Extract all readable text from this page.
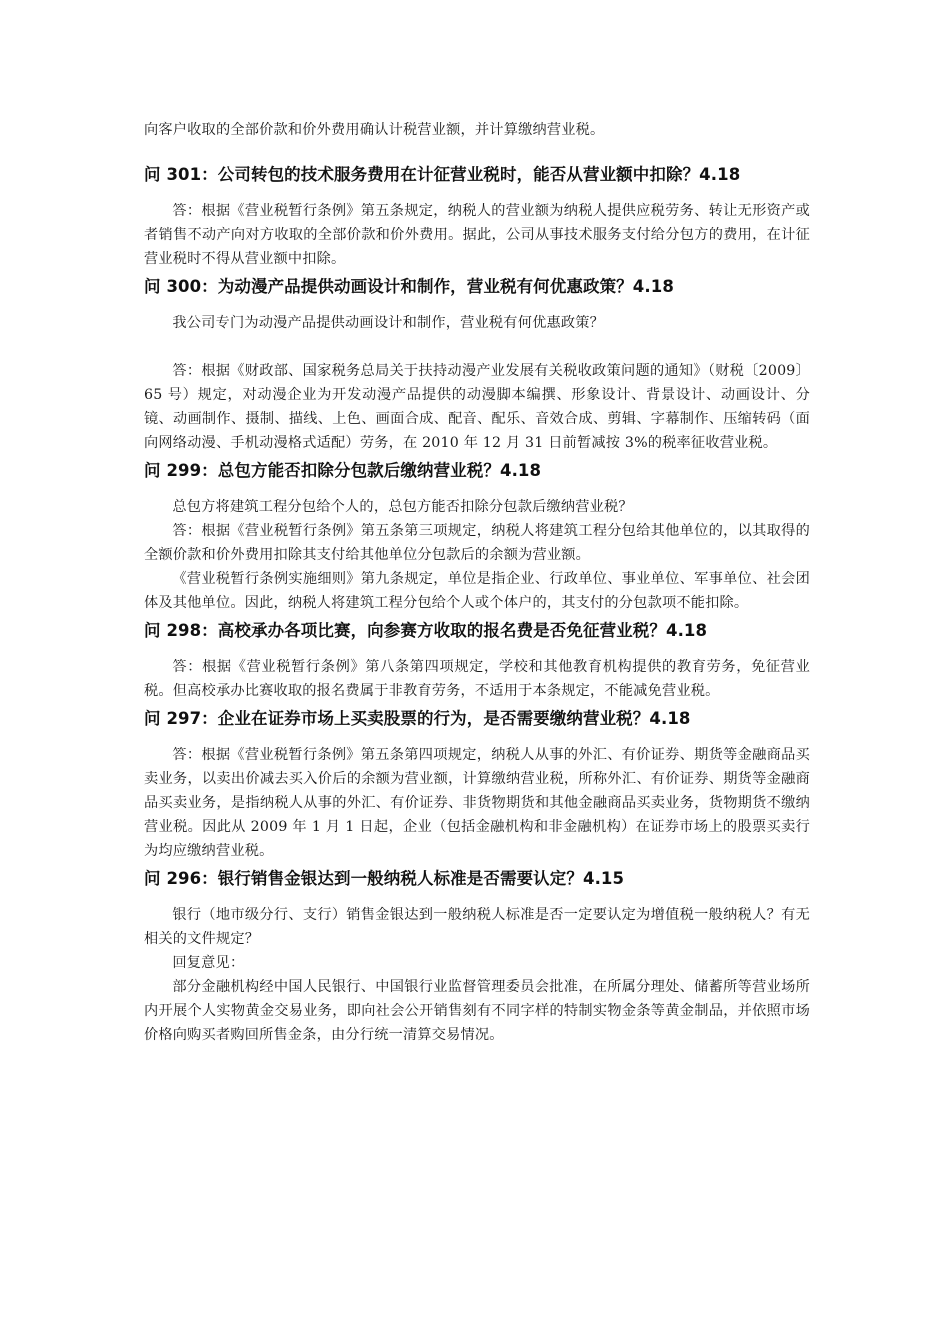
向客户收取的全部价款和价外费用确认计税营业额，并计算缴纳营业税。

问 301：公司转包的技术服务费用在计征营业税时，能否从营业额中扣除？4.18

答：根据《营业税暂行条例》第五条规定，纳税人的营业额为纳税人提供应税劳务、转让无形资产或者销售不动产向对方收取的全部价款和价外费用。据此，公司从事技术服务支付给分包方的费用，在计征营业税时不得从营业额中扣除。

问 300：为动漫产品提供动画设计和制作，营业税有何优惠政策？4.18

我公司专门为动漫产品提供动画设计和制作，营业税有何优惠政策？

答：根据《财政部、国家税务总局关于扶持动漫产业发展有关税收政策问题的通知》（财税〔2009〕65 号）规定，对动漫企业为开发动漫产品提供的动漫脚本编撰、形象设计、背景设计、动画设计、分镜、动画制作、摄制、描线、上色、画面合成、配音、配乐、音效合成、剪辑、字幕制作、压缩转码（面向网络动漫、手机动漫格式适配）劳务，在 2010 年 12 月 31 日前暂减按 3%的税率征收营业税。

问 299：总包方能否扣除分包款后缴纳营业税？4.18

总包方将建筑工程分包给个人的，总包方能否扣除分包款后缴纳营业税？

答：根据《营业税暂行条例》第五条第三项规定，纳税人将建筑工程分包给其他单位的，以其取得的全额价款和价外费用扣除其支付给其他单位分包款后的余额为营业额。

《营业税暂行条例实施细则》第九条规定，单位是指企业、行政单位、事业单位、军事单位、社会团体及其他单位。因此，纳税人将建筑工程分包给个人或个体户的，其支付的分包款项不能扣除。

问 298：高校承办各项比赛，向参赛方收取的报名费是否免征营业税？4.18

答：根据《营业税暂行条例》第八条第四项规定，学校和其他教育机构提供的教育劳务，免征营业税。但高校承办比赛收取的报名费属于非教育劳务，不适用于本条规定，不能减免营业税。

问 297：企业在证券市场上买卖股票的行为，是否需要缴纳营业税？4.18

答：根据《营业税暂行条例》第五条第四项规定，纳税人从事的外汇、有价证券、期货等金融商品买卖业务，以卖出价减去买入价后的余额为营业额，计算缴纳营业税，所称外汇、有价证券、期货等金融商品买卖业务，是指纳税人从事的外汇、有价证券、非货物期货和其他金融商品买卖业务，货物期货不缴纳营业税。因此从 2009 年 1 月 1 日起，企业（包括金融机构和非金融机构）在证券市场上的股票买卖行为均应缴纳营业税。

问 296：银行销售金银达到一般纳税人标准是否需要认定？4.15

银行（地市级分行、支行）销售金银达到一般纳税人标准是否一定要认定为增值税一般纳税人？有无相关的文件规定？

回复意见：

部分金融机构经中国人民银行、中国银行业监督管理委员会批准，在所属分理处、储蓄所等营业场所内开展个人实物黄金交易业务，即向社会公开销售刻有不同字样的特制实物金条等黄金制品，并依照市场价格向购买者购回所售金条，由分行统一清算交易情况。
